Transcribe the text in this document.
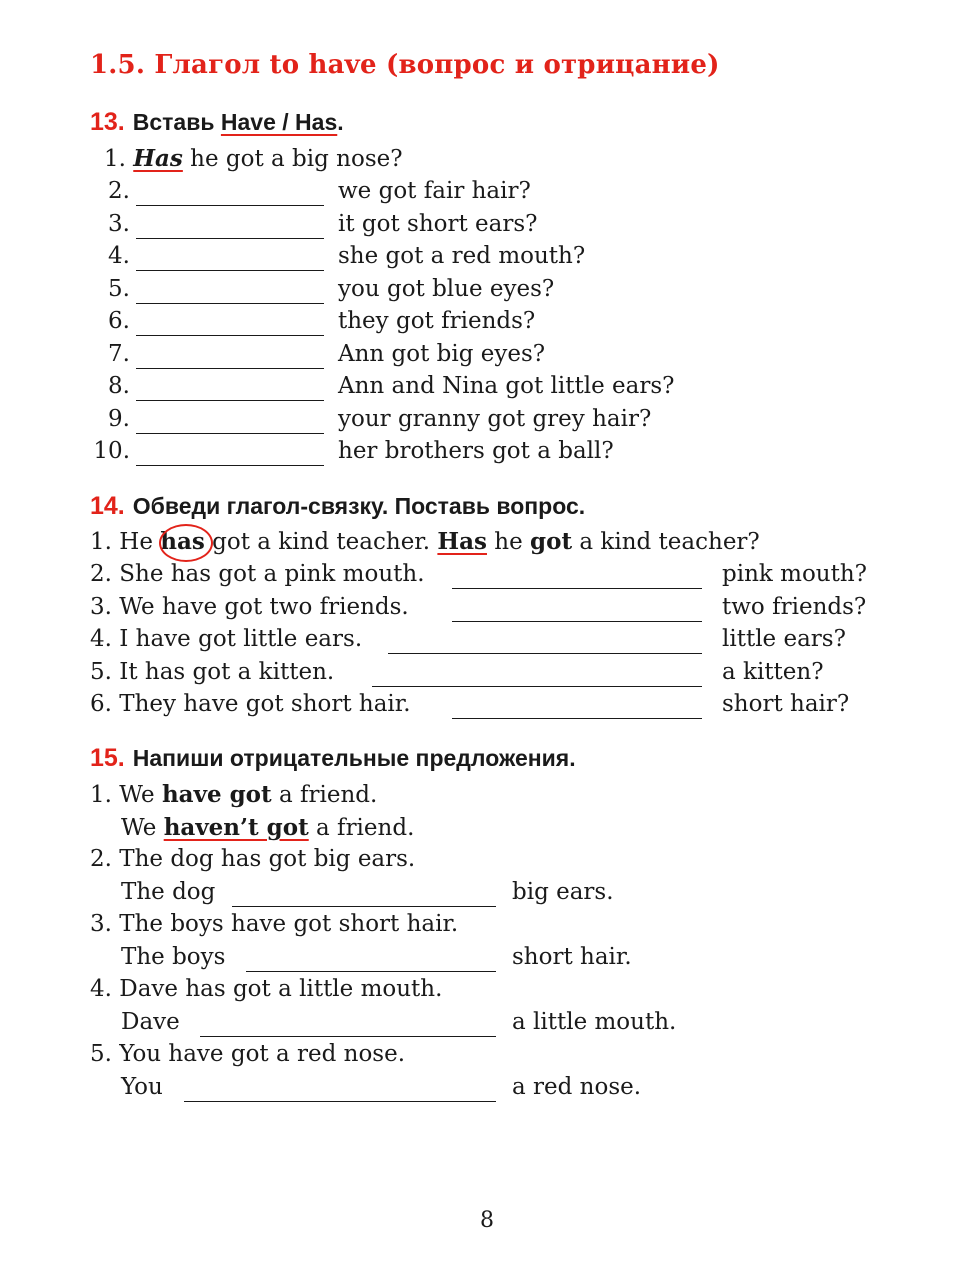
1.5. Глагол to have (вопрос и отрицание)
13. Вставь Have / Has.
1. Has he got a big nose?
2.	we got fair hair?
3.	it got short ears?
4.	she got a red mouth?
5.	you got blue eyes?
6.	they got friends?
7.	Ann got big eyes?
8.	Ann and Nina got little ears?
9.	your granny got grey hair?
10.	her brothers got a ball?
14. Обведи глагол-связку. Поставь вопрос.
1. He has got a kind teacher. Has he got a kind teacher?
2. She has got a pink mouth.	pink mouth?
3. We have got two friends.	two friends?
4. I have got little ears.	little ears?
5. It has got a kitten.	a kitten?
6. They have got short hair.	short hair?
15. Напиши отрицательные предложения.
1. We have got a friend.
We haven’t got a friend.
2. The dog has got big ears.
The dog	big ears.
3. The boys have got short hair.
The boys	short hair.
4. Dave has got a little mouth.
Dave	a little mouth.
5. You have got a red nose.
You	a red nose.
8
